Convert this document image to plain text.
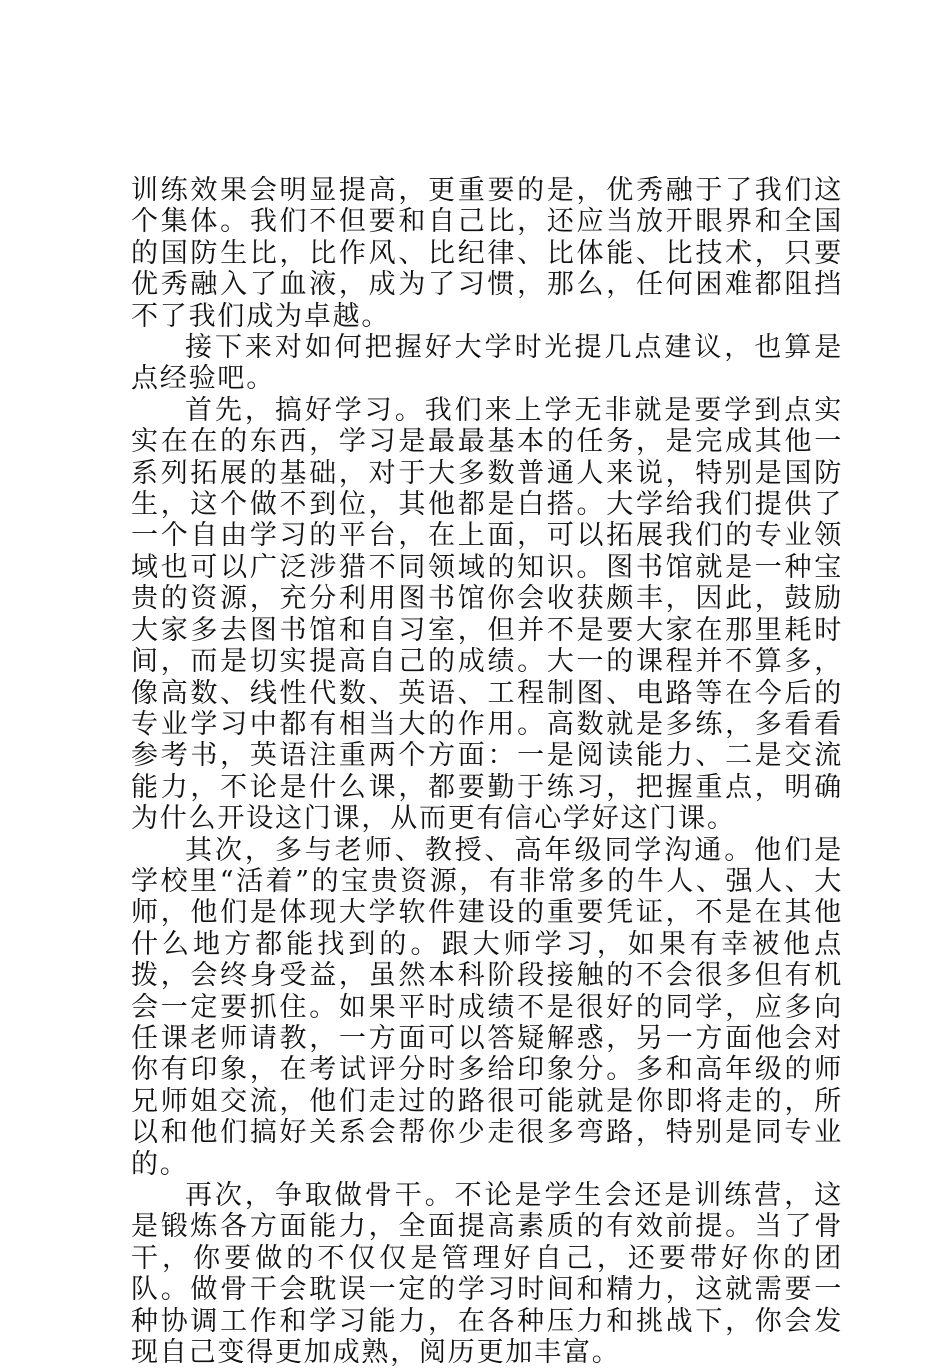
训练效果会明显提高，更重要的是，优秀融于了我们这个集体。我们不但要和自己比，还应当放开眼界和全国的国防生比，比作风、比纪律、比体能、比技术，只要优秀融入了血液，成为了习惯，那么，任何困难都阻挡不了我们成为卓越。

接下来对如何把握好大学时光提几点建议，也算是点经验吧。

首先，搞好学习。我们来上学无非就是要学到点实实在在的东西，学习是最最基本的任务，是完成其他一系列拓展的基础，对于大多数普通人来说，特别是国防生，这个做不到位，其他都是白搭。大学给我们提供了一个自由学习的平台，在上面，可以拓展我们的专业领域也可以广泛涉猎不同领域的知识。图书馆就是一种宝贵的资源，充分利用图书馆你会收获颇丰，因此，鼓励大家多去图书馆和自习室，但并不是要大家在那里耗时间，而是切实提高自己的成绩。大一的课程并不算多，像高数、线性代数、英语、工程制图、电路等在今后的专业学习中都有相当大的作用。高数就是多练，多看看参考书，英语注重两个方面：一是阅读能力、二是交流能力，不论是什么课，都要勤于练习，把握重点，明确为什么开设这门课，从而更有信心学好这门课。

其次，多与老师、教授、高年级同学沟通。他们是学校里“活着”的宝贵资源，有非常多的牛人、强人、大师，他们是体现大学软件建设的重要凭证，不是在其他什么地方都能找到的。跟大师学习，如果有幸被他点拨，会终身受益，虽然本科阶段接触的不会很多但有机会一定要抓住。如果平时成绩不是很好的同学，应多向任课老师请教，一方面可以答疑解惑，另一方面他会对你有印象，在考试评分时多给印象分。多和高年级的师兄师姐交流，他们走过的路很可能就是你即将走的，所以和他们搞好关系会帮你少走很多弯路，特别是同专业的。

再次，争取做骨干。不论是学生会还是训练营，这是锻炼各方面能力，全面提高素质的有效前提。当了骨干，你要做的不仅仅是管理好自己，还要带好你的团队。做骨干会耽误一定的学习时间和精力，这就需要一种协调工作和学习能力，在各种压力和挑战下，你会发现自己变得更加成熟，阅历更加丰富。
